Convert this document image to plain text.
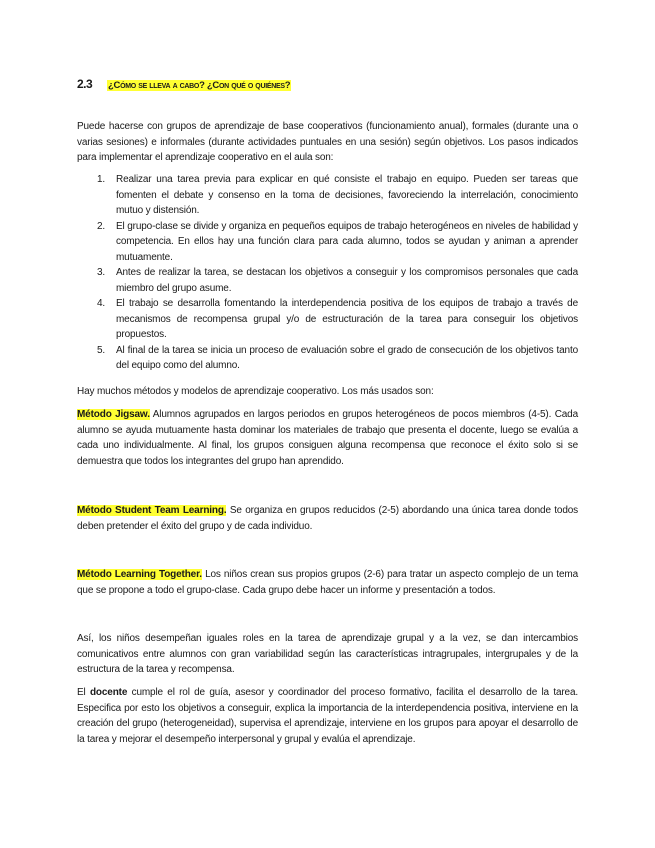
2.3 ¿Cómo se lleva a cabo? ¿Con qué o quiénes?
Puede hacerse con grupos de aprendizaje de base cooperativos (funcionamiento anual), formales (durante una o varias sesiones) e informales (durante actividades puntuales en una sesión) según objetivos. Los pasos indicados para implementar el aprendizaje cooperativo en el aula son:
1. Realizar una tarea previa para explicar en qué consiste el trabajo en equipo. Pueden ser tareas que fomenten el debate y consenso en la toma de decisiones, favoreciendo la interrelación, conocimiento mutuo y distensión.
2. El grupo-clase se divide y organiza en pequeños equipos de trabajo heterogéneos en niveles de habilidad y competencia. En ellos hay una función clara para cada alumno, todos se ayudan y animan a aprender mutuamente.
3. Antes de realizar la tarea, se destacan los objetivos a conseguir y los compromisos personales que cada miembro del grupo asume.
4. El trabajo se desarrolla fomentando la interdependencia positiva de los equipos de trabajo a través de mecanismos de recompensa grupal y/o de estructuración de la tarea para conseguir los objetivos propuestos.
5. Al final de la tarea se inicia un proceso de evaluación sobre el grado de consecución de los objetivos tanto del equipo como del alumno.
Hay muchos métodos y modelos de aprendizaje cooperativo. Los más usados son:
Método Jigsaw. Alumnos agrupados en largos periodos en grupos heterogéneos de pocos miembros (4-5). Cada alumno se ayuda mutuamente hasta dominar los materiales de trabajo que presenta el docente, luego se evalúa a cada uno individualmente. Al final, los grupos consiguen alguna recompensa que reconoce el éxito solo si se demuestra que todos los integrantes del grupo han aprendido.
Método Student Team Learning. Se organiza en grupos reducidos (2-5) abordando una única tarea donde todos deben pretender el éxito del grupo y de cada individuo.
Método Learning Together. Los niños crean sus propios grupos (2-6) para tratar un aspecto complejo de un tema que se propone a todo el grupo-clase. Cada grupo debe hacer un informe y presentación a todos.
Así, los niños desempeñan iguales roles en la tarea de aprendizaje grupal y a la vez, se dan intercambios comunicativos entre alumnos con gran variabilidad según las características intragrupales, intergrupales y de la estructura de la tarea y recompensa.
El docente cumple el rol de guía, asesor y coordinador del proceso formativo, facilita el desarrollo de la tarea. Especifica por esto los objetivos a conseguir, explica la importancia de la interdependencia positiva, interviene en la creación del grupo (heterogeneidad), supervisa el aprendizaje, interviene en los grupos para apoyar el desarrollo de la tarea y mejorar el desempeño interpersonal y grupal y evalúa el aprendizaje.
